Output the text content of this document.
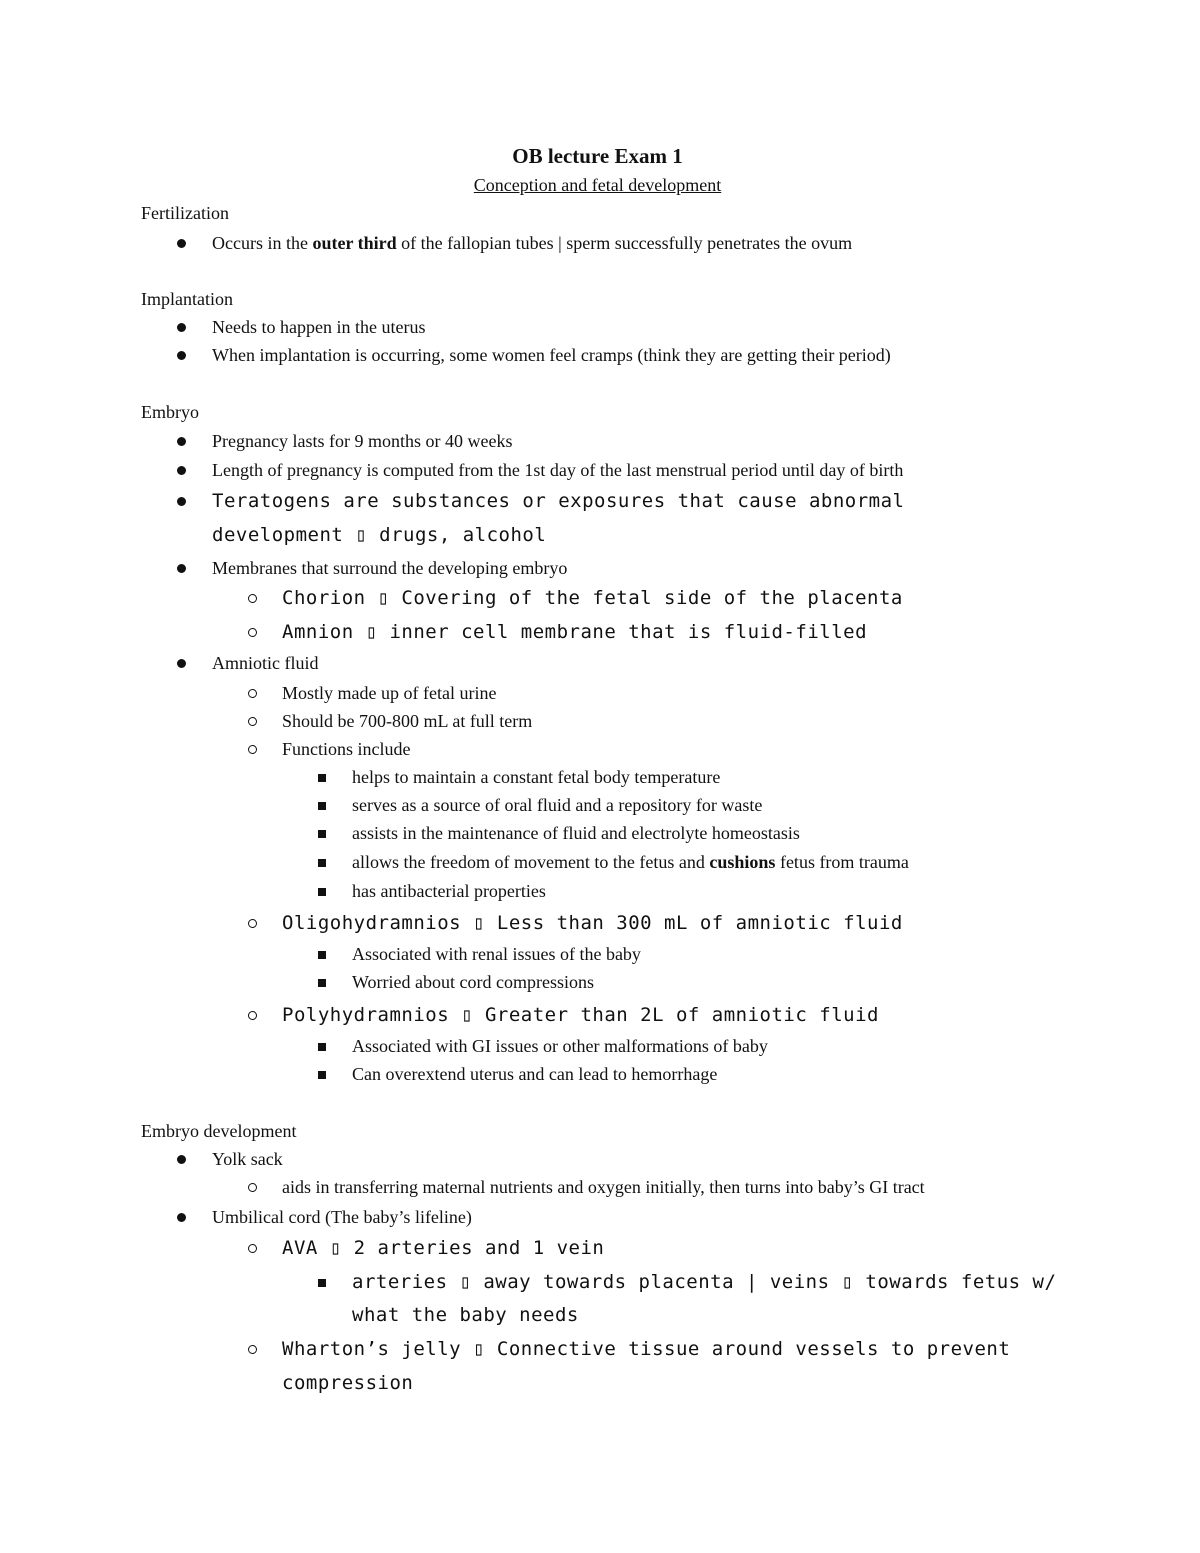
OB lecture Exam 1
Conception and fetal development
Fertilization
Occurs in the outer third of the fallopian tubes | sperm successfully penetrates the ovum
Implantation
Needs to happen in the uterus
When implantation is occurring, some women feel cramps (think they are getting their period)
Embryo
Pregnancy lasts for 9 months or 40 weeks
Length of pregnancy is computed from the 1st day of the last menstrual period until day of birth
Teratogens are substances or exposures that cause abnormal
development ▯ drugs, alcohol
Membranes that surround the developing embryo
Chorion ▯ Covering of the fetal side of the placenta
Amnion ▯ inner cell membrane that is fluid-filled
Amniotic fluid
Mostly made up of fetal urine
Should be 700-800 mL at full term
Functions include
helps to maintain a constant fetal body temperature
serves as a source of oral fluid and a repository for waste
assists in the maintenance of fluid and electrolyte homeostasis
allows the freedom of movement to the fetus and cushions fetus from trauma
has antibacterial properties
Oligohydramnios ▯ Less than 300 mL of amniotic fluid
Associated with renal issues of the baby
Worried about cord compressions
Polyhydramnios ▯ Greater than 2L of amniotic fluid
Associated with GI issues or other malformations of baby
Can overextend uterus and can lead to hemorrhage
Embryo development
Yolk sack
aids in transferring maternal nutrients and oxygen initially, then turns into baby’s GI tract
Umbilical cord (The baby’s lifeline)
AVA ▯ 2 arteries and 1 vein
arteries ▯ away towards placenta | veins ▯ towards fetus w/
what the baby needs
Wharton’s jelly ▯ Connective tissue around vessels to prevent
compression
